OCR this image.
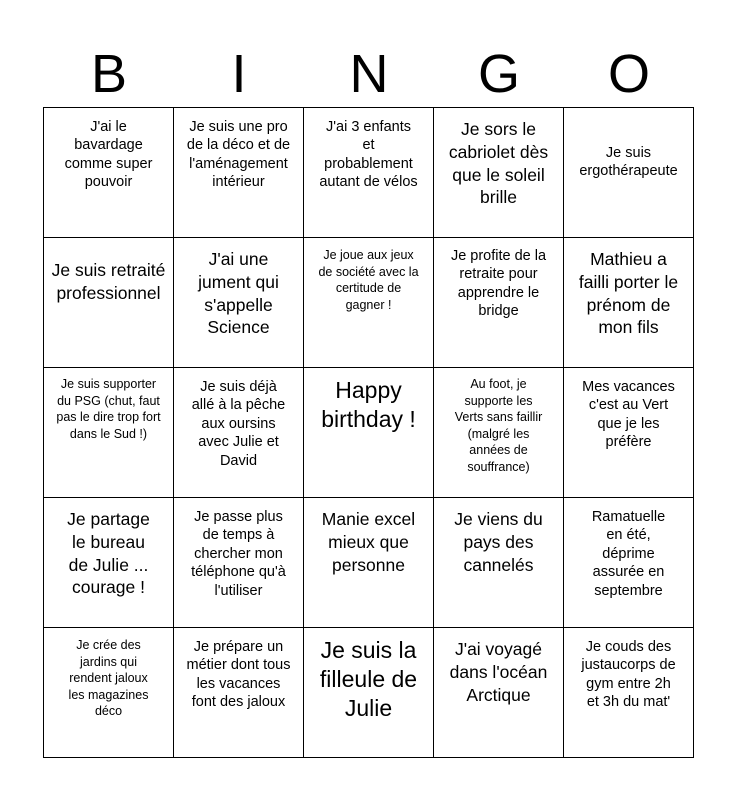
B	I	N	G	O
J'ai le bavardage comme super pouvoir
Je suis une pro de la déco et de l'aménagement intérieur
J'ai 3 enfants et probablement autant de vélos
Je sors le cabriolet dès que le soleil brille
Je suis ergothérapeute
Je suis retraité professionnel
J'ai une jument qui s'appelle Science
Je joue aux jeux de société avec la certitude de gagner !
Je profite de la retraite pour apprendre le bridge
Mathieu a failli porter le prénom de mon fils
Je suis supporter du PSG (chut, faut pas le dire trop fort dans le Sud !)
Je suis déjà allé à la pêche aux oursins avec Julie et David
Happy birthday !
Au foot, je supporte les Verts sans faillir (malgré les années de souffrance)
Mes vacances c'est au Vert que je les préfère
Je partage le bureau de Julie ... courage !
Je passe plus de temps à chercher mon téléphone qu'à l'utiliser
Manie excel mieux que personne
Je viens du pays des cannelés
Ramatuelle en été, déprime assurée en septembre
Je crée des jardins qui rendent jaloux les magazines déco
Je prépare un métier dont tous les vacances font des jaloux
Je suis la filleule de Julie
J'ai voyagé dans l'océan Arctique
Je couds des justaucorps de gym entre 2h et 3h du mat'
